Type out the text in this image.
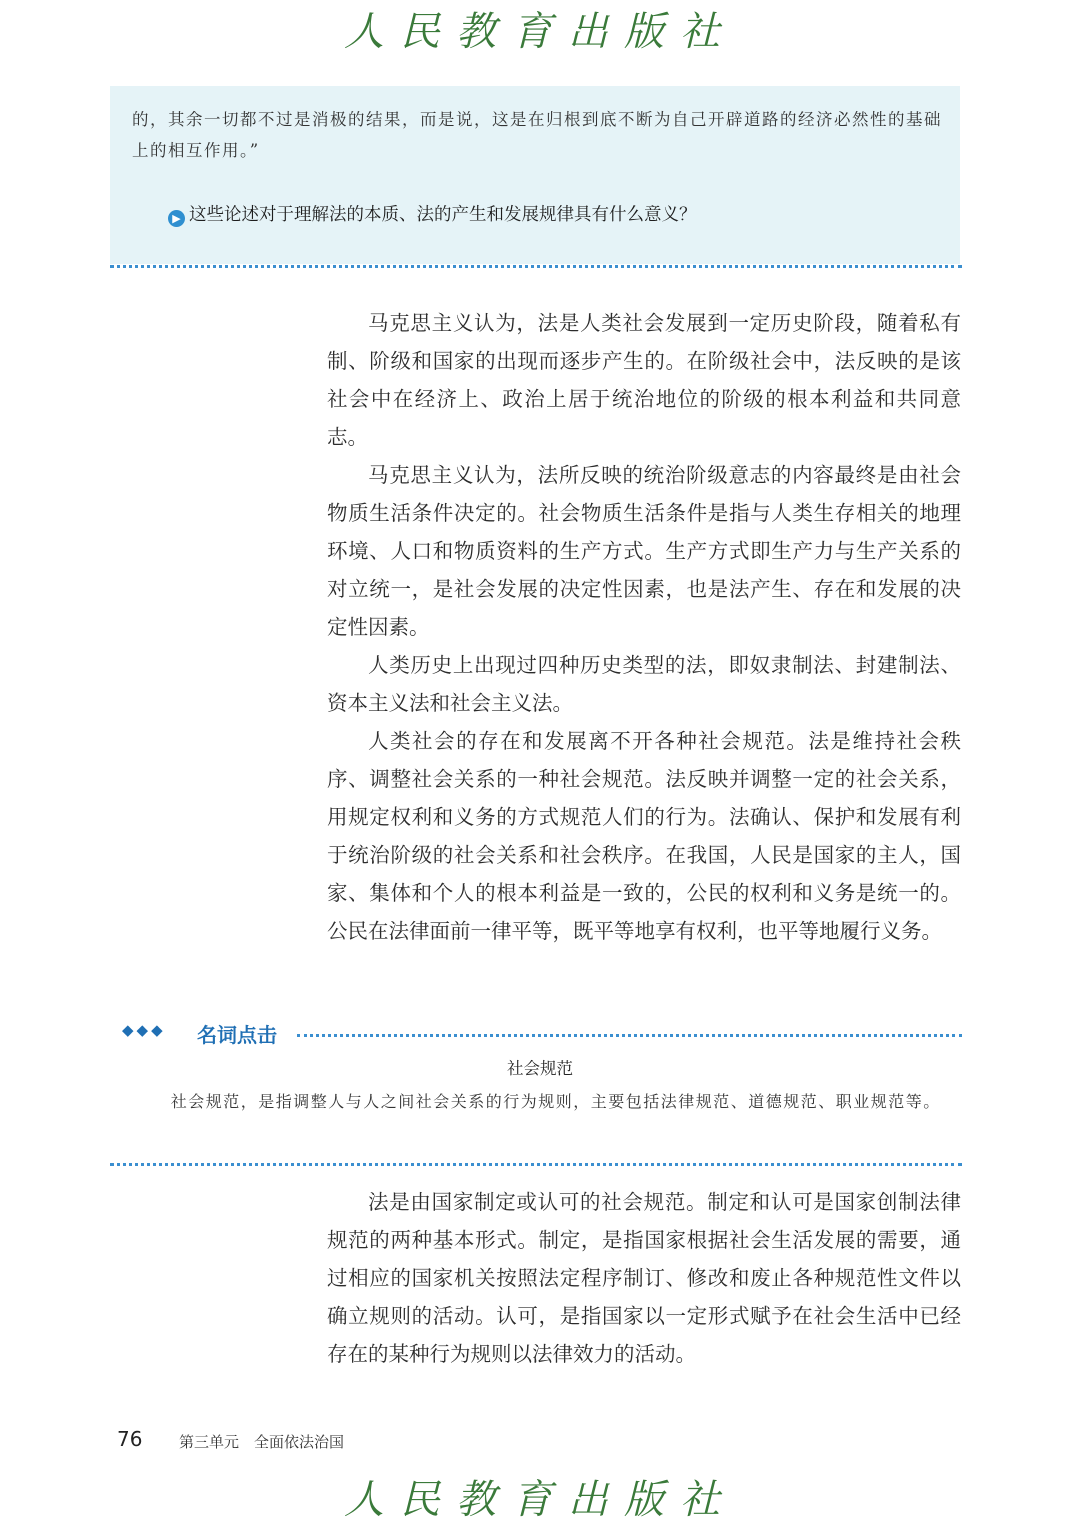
人民教育出版社
的，其余一切都不过是消极的结果，而是说，这是在归根到底不断为自己开辟道路的经济必然性的基础上的相互作用。”
▶ 这些论述对于理解法的本质、法的产生和发展规律具有什么意义？

马克思主义认为，法是人类社会发展到一定历史阶段，随着私有制、阶级和国家的出现而逐步产生的。在阶级社会中，法反映的是该社会中在经济上、政治上居于统治地位的阶级的根本利益和共同意志。

马克思主义认为，法所反映的统治阶级意志的内容最终是由社会物质生活条件决定的。社会物质生活条件是指与人类生存相关的地理环境、人口和物质资料的生产方式。生产方式即生产力与生产关系的对立统一，是社会发展的决定性因素，也是法产生、存在和发展的决定性因素。

人类历史上出现过四种历史类型的法，即奴隶制法、封建制法、资本主义法和社会主义法。

人类社会的存在和发展离不开各种社会规范。法是维持社会秩序、调整社会关系的一种社会规范。法反映并调整一定的社会关系，用规定权利和义务的方式规范人们的行为。法确认、保护和发展有利于统治阶级的社会关系和社会秩序。在我国，人民是国家的主人，国家、集体和个人的根本利益是一致的，公民的权利和义务是统一的。公民在法律面前一律平等，既平等地享有权利，也平等地履行义务。

◆◆◆ 名词点击
社会规范
社会规范，是指调整人与人之间社会关系的行为规则，主要包括法律规范、道德规范、职业规范等。

法是由国家制定或认可的社会规范。制定和认可是国家创制法律规范的两种基本形式。制定，是指国家根据社会生活发展的需要，通过相应的国家机关按照法定程序制订、修改和废止各种规范性文件以确立规则的活动。认可，是指国家以一定形式赋予在社会生活中已经存在的某种行为规则以法律效力的活动。

76 第三单元　全面依法治国
人民教育出版社
